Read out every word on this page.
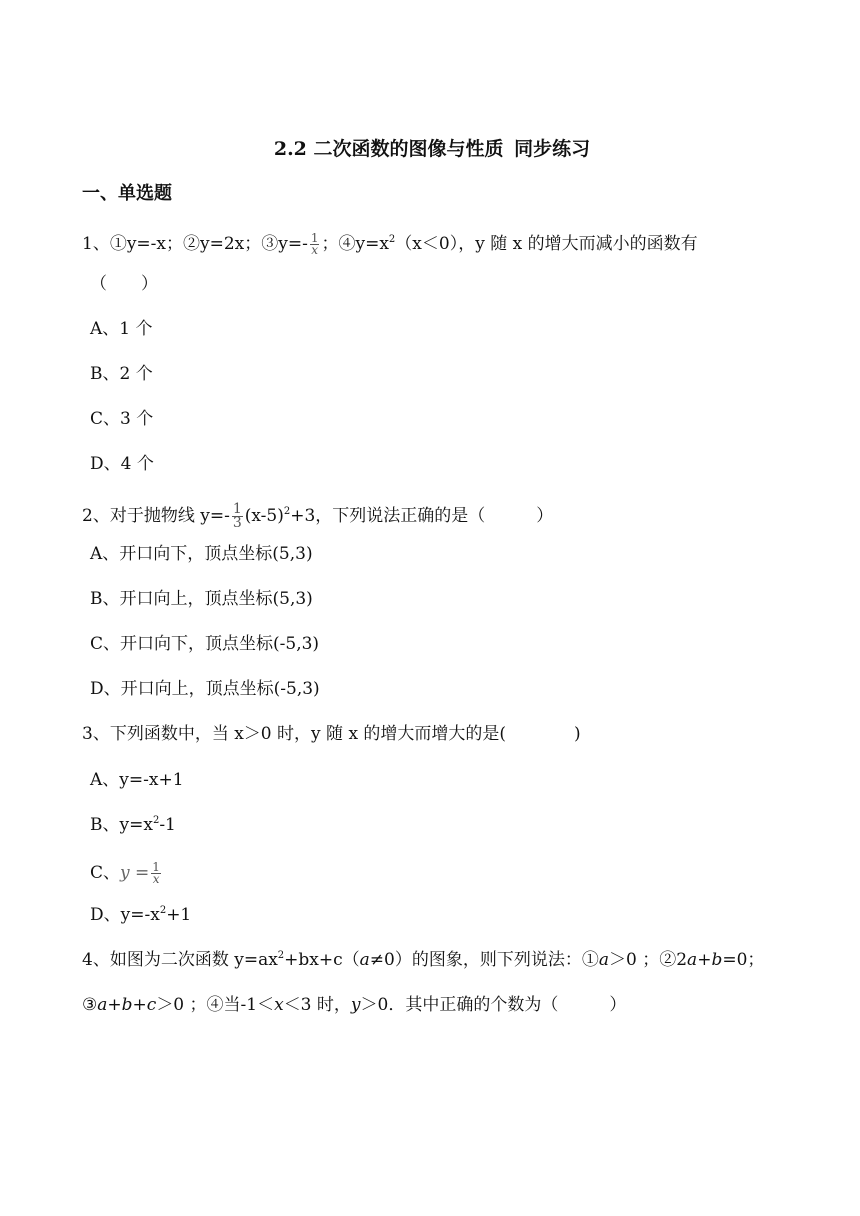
2.2 二次函数的图像与性质 同步练习
一、单选题
1、①y=-x；②y=2x；③y=- $\frac{1}{x}$ ；$④y=x^2(x<0)$，y 随 x 的增大而减小的函数有
（　　）
A、1 个
B、2 个
C、3 个
D、4 个
2、对于抛物线 $y=- \frac{1}{3} (x-5)^2+3$，下列说法正确的是（　　　）
A、开口向下，顶点坐标(5,3)
B、开口向上，顶点坐标(5,3)
C、开口向下，顶点坐标(-5,3)
D、开口向上，顶点坐标(-5,3)
3、下列函数中，当 x＞0 时，y 随 x 的增大而增大的是(　　　　)
A、y=-x+1
B、$y=x^2-1$
C、$y = \frac{1}{x}$
D、$y=-x^2+1$
4、如图为二次函数 $y=ax^2+bx+c(a\ne 0)$的图象，则下列说法：①a＞0 ；②2a+b=0；
③a+b+c＞0 ；④当-1＜x＜3 时，y＞0．其中正确的个数为（　　　）
